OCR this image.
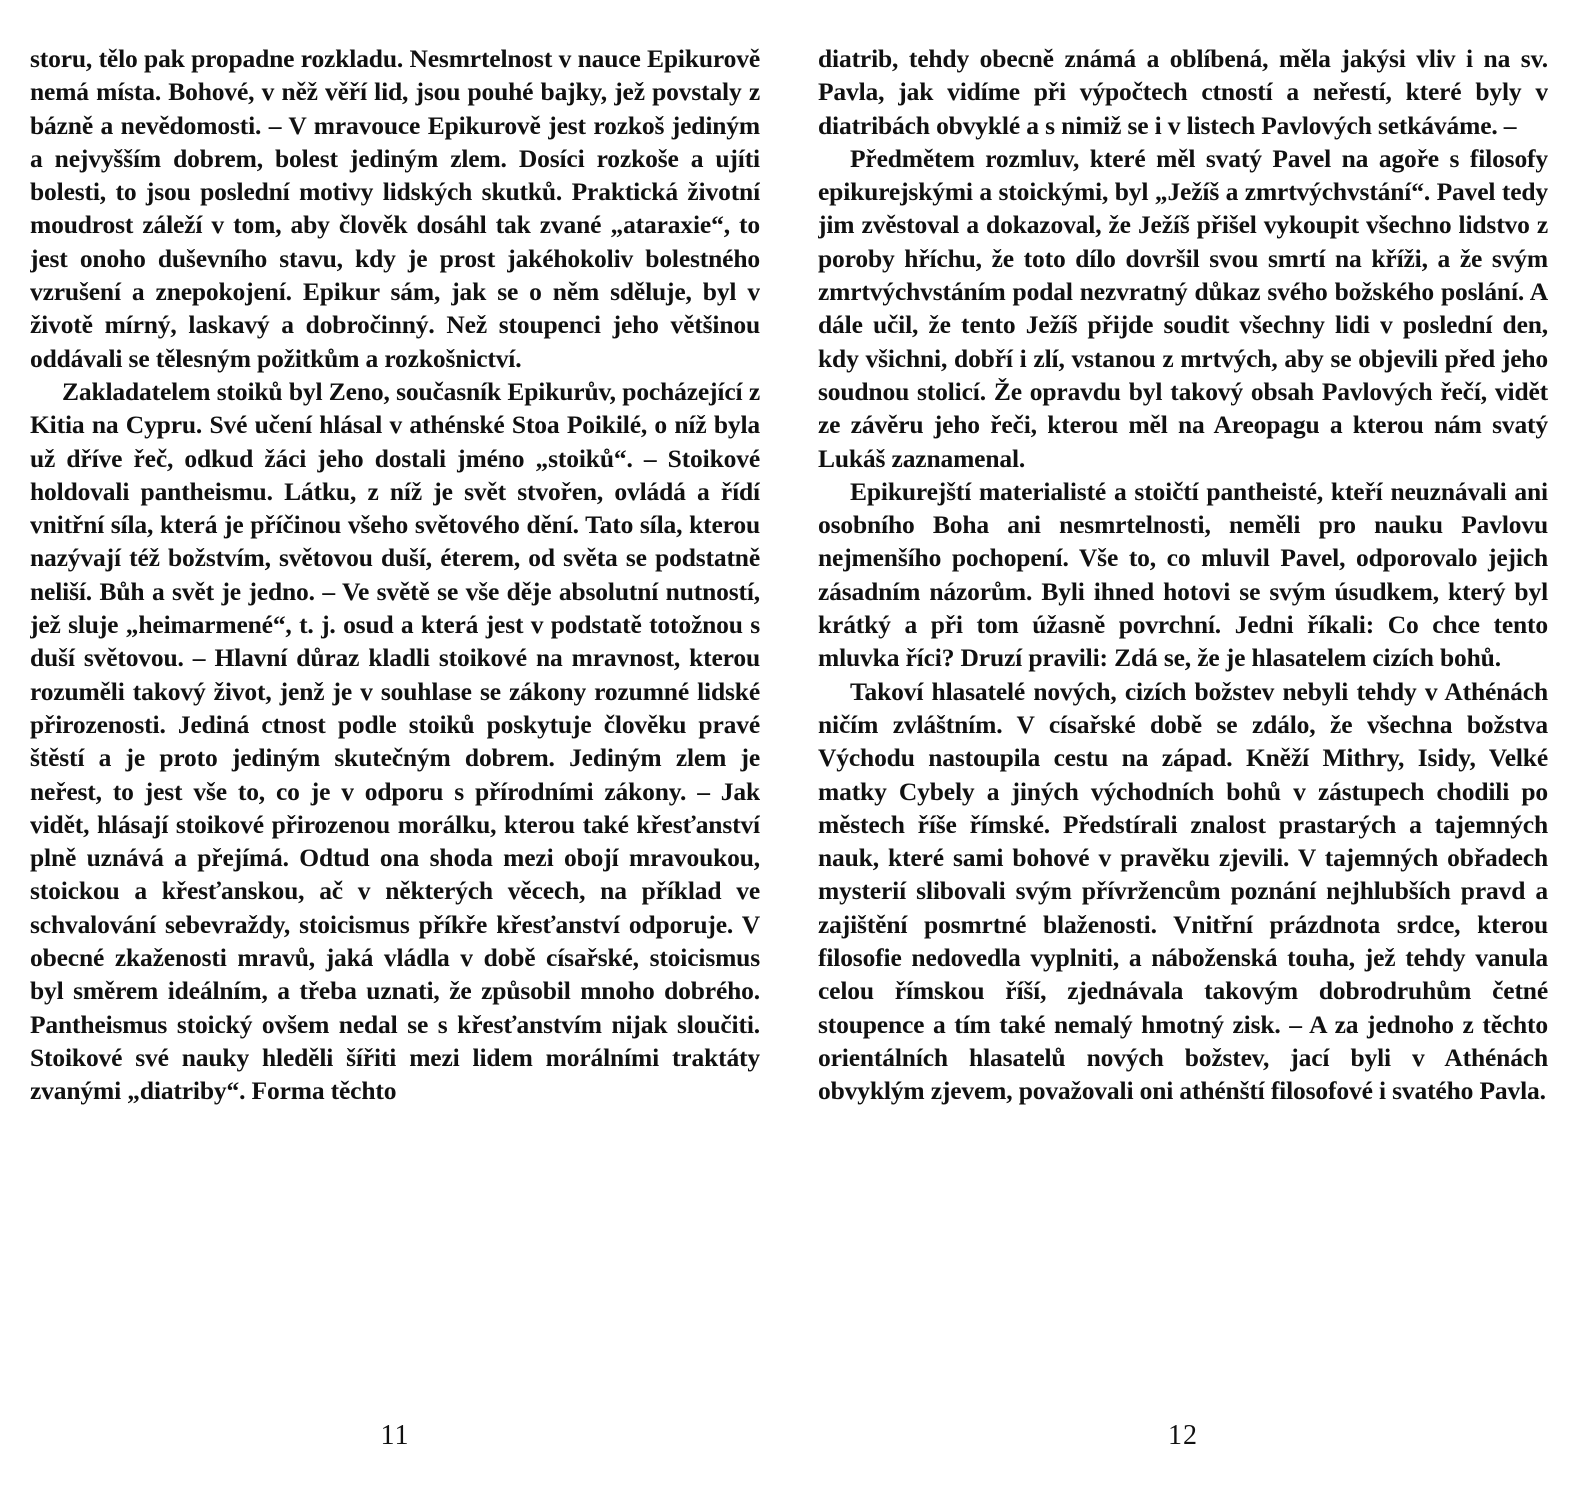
storu, tělo pak propadne rozkladu. Nesmrtelnost v nauce Epikurově nemá místa. Bohové, v něž věří lid, jsou pouhé bajky, jež povstaly z bázně a nevědomosti. – V mravouce Epikurově jest rozkoš jediným a nejvyšším dobrem, bolest jediným zlem. Dosíci rozkoše a ujíti bolesti, to jsou poslední motivy lidských skutků. Praktická životní moudrost záleží v tom, aby člověk dosáhl tak zvané „ataraxie“, to jest onoho duševního stavu, kdy je prost jakéhokoliv bolestného vzrušení a znepokojení. Epikur sám, jak se o něm sděluje, byl v životě mírný, laskavý a dobročinný. Než stoupenci jeho většinou oddávali se tělesným požitkům a rozkošnictví.

Zakladatelem stoiků byl Zeno, současník Epikurův, pocházející z Kitia na Cypru. Své učení hlásal v athénské Stoa Poikilé, o níž byla už dříve řeč, odkud žáci jeho dostali jméno „stoiků“. – Stoikové holdovali pantheismu. Látku, z níž je svět stvořen, ovládá a řídí vnitřní síla, která je příčinou všeho světového dění. Tato síla, kterou nazývají též božstvím, světovou duší, éterem, od světa se podstatně neliší. Bůh a svět je jedno. – Ve světě se vše děje absolutní nutností, jež sluje „heimarmené“, t. j. osud a která jest v podstatě totožnou s duší světovou. – Hlavní důraz kladli stoikové na mravnost, kterou rozuměli takový život, jenž je v souhlase se zákony rozumné lidské přirozenosti. Jediná ctnost podle stoiků poskytuje člověku pravé štěstí a je proto jediným skutečným dobrem. Jediným zlem je neřest, to jest vše to, co je v odporu s přírodními zákony. – Jak vidět, hlásají stoikové přirozenou morálku, kterou také křesťanství plně uznává a přejímá. Odtud ona shoda mezi obojí mravoukou, stoickou a křesťanskou, ač v některých věcech, na příklad ve schvalování sebevraždy, stoicismus příkře křesťanství odporuje. V obecné zkaženosti mravů, jaká vládla v době císařské, stoicismus byl směrem ideálním, a třeba uznati, že způsobil mnoho dobrého. Pantheismus stoický ovšem nedal se s křesťanstvím nijak sloučiti. Stoikové své nauky hleděli šířiti mezi lidem morálními traktáty zvanými „diatriby“. Forma těchto

11

diatrib, tehdy obecně známá a oblíbená, měla jakýsi vliv i na sv. Pavla, jak vidíme při výpočtech ctností a neřestí, které byly v diatribách obvyklé a s nimiž se i v listech Pavlových setkáváme. –

Předmětem rozmluv, které měl svatý Pavel na agoře s filosofy epikurejskými a stoickými, byl „Ježíš a zmrtvýchvstání“. Pavel tedy jim zvěstoval a dokazoval, že Ježíš přišel vykoupit všechno lidstvo z poroby hříchu, že toto dílo dovršil svou smrtí na kříži, a že svým zmrtvýchvstáním podal nezvratný důkaz svého božského poslání. A dále učil, že tento Ježíš přijde soudit všechny lidi v poslední den, kdy všichni, dobří i zlí, vstanou z mrtvých, aby se objevili před jeho soudnou stolicí. Že opravdu byl takový obsah Pavlových řečí, vidět ze závěru jeho řeči, kterou měl na Areopagu a kterou nám svatý Lukáš zaznamenal.

Epikurejští materialisté a stoičtí pantheisté, kteří neuznávali ani osobního Boha ani nesmrtelnosti, neměli pro nauku Pavlovu nejmenšího pochopení. Vše to, co mluvil Pavel, odporovalo jejich zásadním názorům. Byli ihned hotovi se svým úsudkem, který byl krátký a při tom úžasně povrchní. Jedni říkali: Co chce tento mluvka říci? Druzí pravili: Zdá se, že je hlasatelem cizích bohů.

Takoví hlasatelé nových, cizích božstev nebyli tehdy v Athénách ničím zvláštním. V císařské době se zdálo, že všechna božstva Východu nastoupila cestu na západ. Kněží Mithry, Isidy, Velké matky Cybely a jiných východních bohů v zástupech chodili po městech říše římské. Předstírali znalost prastarých a tajemných nauk, které sami bohové v pravěku zjevili. V tajemných obřadech mysterií slibovali svým přívržencům poznání nejhlubších pravd a zajištění posmrtné blaženosti. Vnitřní prázdnota srdce, kterou filosofie nedovedla vyplniti, a náboženská touha, jež tehdy vanula celou římskou říší, zjednávala takovým dobrodruhům četné stoupence a tím také nemalý hmotný zisk. – A za jednoho z těchto orientálních hlasatelů nových božstev, jací byli v Athénách obvyklým zjevem, považovali oni athénští filosofové i svatého Pavla.

12
